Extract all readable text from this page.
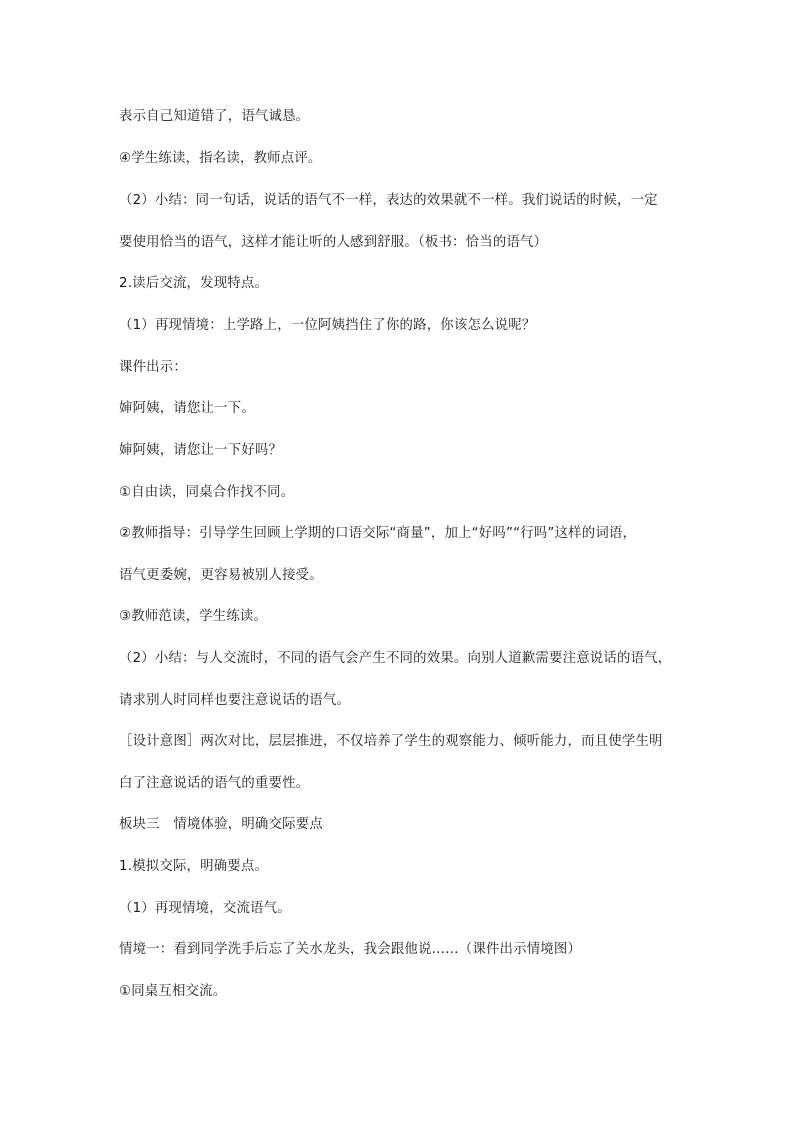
表示自己知道错了，语气诚恳。
④学生练读，指名读，教师点评。
（2）小结：同一句话，说话的语气不一样，表达的效果就不一样。我们说话的时候，一定
要使用恰当的语气，这样才能让听的人感到舒服。（板书：恰当的语气）
2.读后交流，发现特点。
（1）再现情境：上学路上，一位阿姨挡住了你的路，你该怎么说呢？
课件出示：
婶阿姨，请您让一下。
婶阿姨，请您让一下好吗？
①自由读，同桌合作找不同。
②教师指导：引导学生回顾上学期的口语交际“商量”，加上“好吗”“行吗”这样的词语，
语气更委婉，更容易被别人接受。
③教师范读，学生练读。
（2）小结：与人交流时，不同的语气会产生不同的效果。向别人道歉需要注意说话的语气，
请求别人时同样也要注意说话的语气。
［设计意图］两次对比，层层推进，不仅培养了学生的观察能力、倾听能力，而且使学生明
白了注意说话的语气的重要性。
板块三　情境体验，明确交际要点
1.模拟交际，明确要点。
（1）再现情境，交流语气。
情境一：看到同学洗手后忘了关水龙头，我会跟他说……（课件出示情境图）
①同桌互相交流。
